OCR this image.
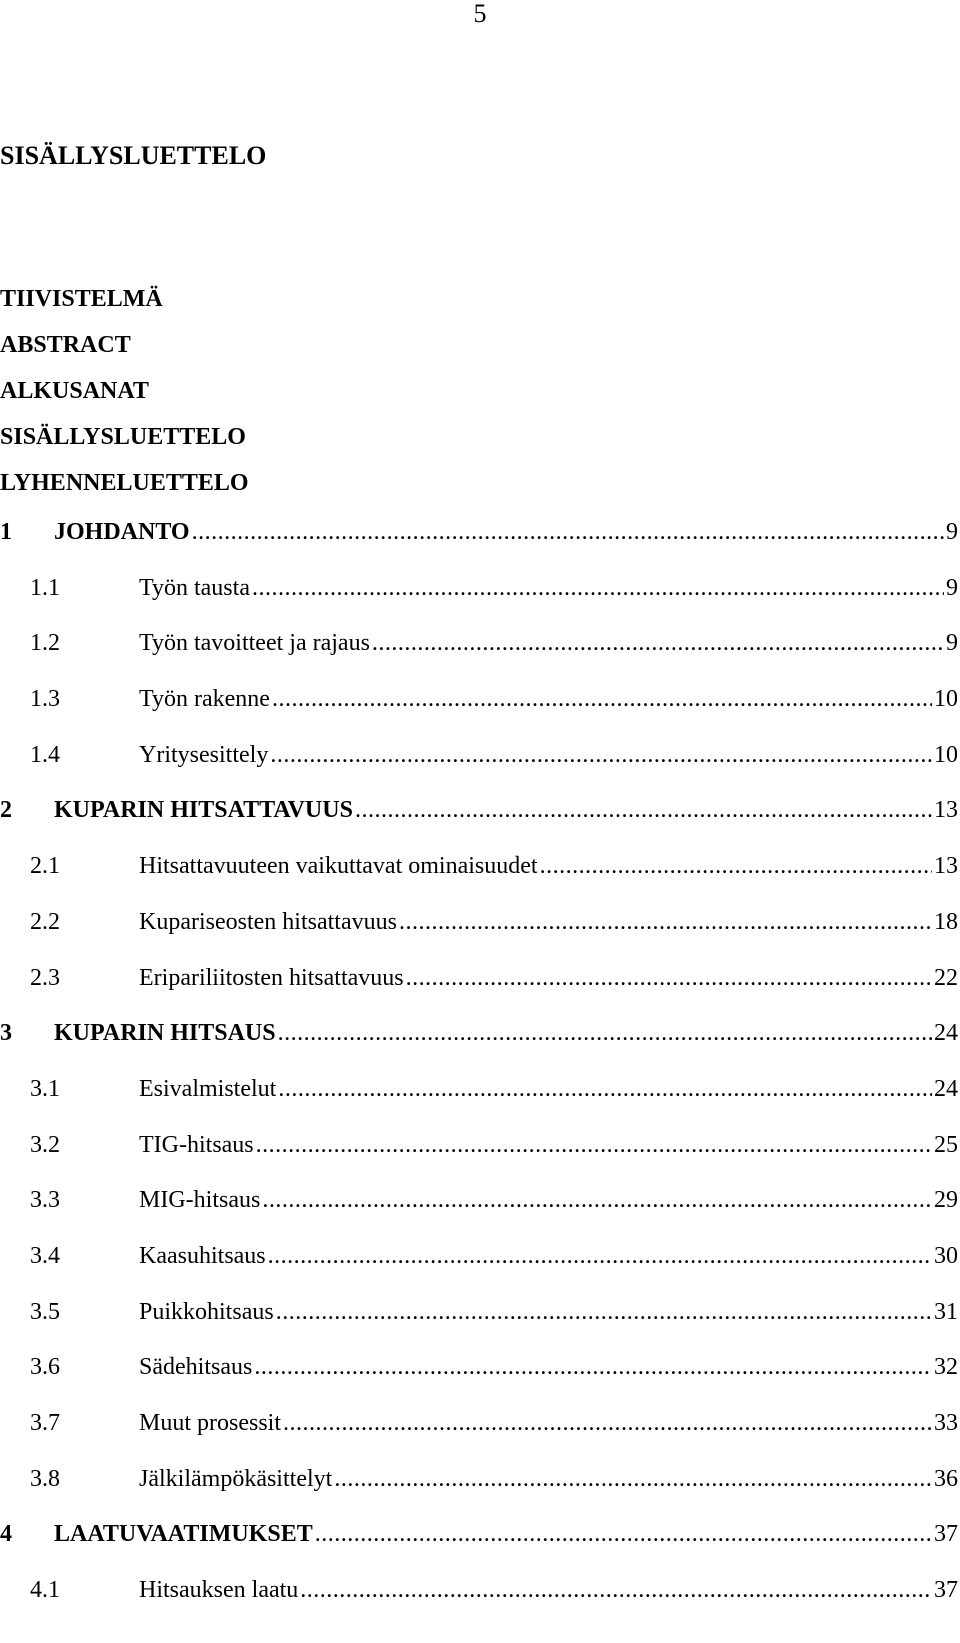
5
SISÄLLYSLUETTELO
TIIVISTELMÄ
ABSTRACT
ALKUSANAT
SISÄLLYSLUETTELO
LYHENNELUETTELO
1	JOHDANTO .....	9
1.1	Työn tausta .....	9
1.2	Työn tavoitteet ja rajaus .....	9
1.3	Työn rakenne .....	10
1.4	Yritysesittely .....	10
2	KUPARIN HITSATTAVUUS .....	13
2.1	Hitsattavuuteen vaikuttavat ominaisuudet .....	13
2.2	Kupariseosten hitsattavuus .....	18
2.3	Eripariliitosten hitsattavuus .....	22
3	KUPARIN HITSAUS .....	24
3.1	Esivalmistelut .....	24
3.2	TIG-hitsaus .....	25
3.3	MIG-hitsaus .....	29
3.4	Kaasuhitsaus .....	30
3.5	Puikkohitsaus .....	31
3.6	Sädehitsaus .....	32
3.7	Muut prosessit .....	33
3.8	Jälkilämpökäsittelyt .....	36
4	LAATUVAATIMUKSET .....	37
4.1	Hitsauksen laatu .....	37
